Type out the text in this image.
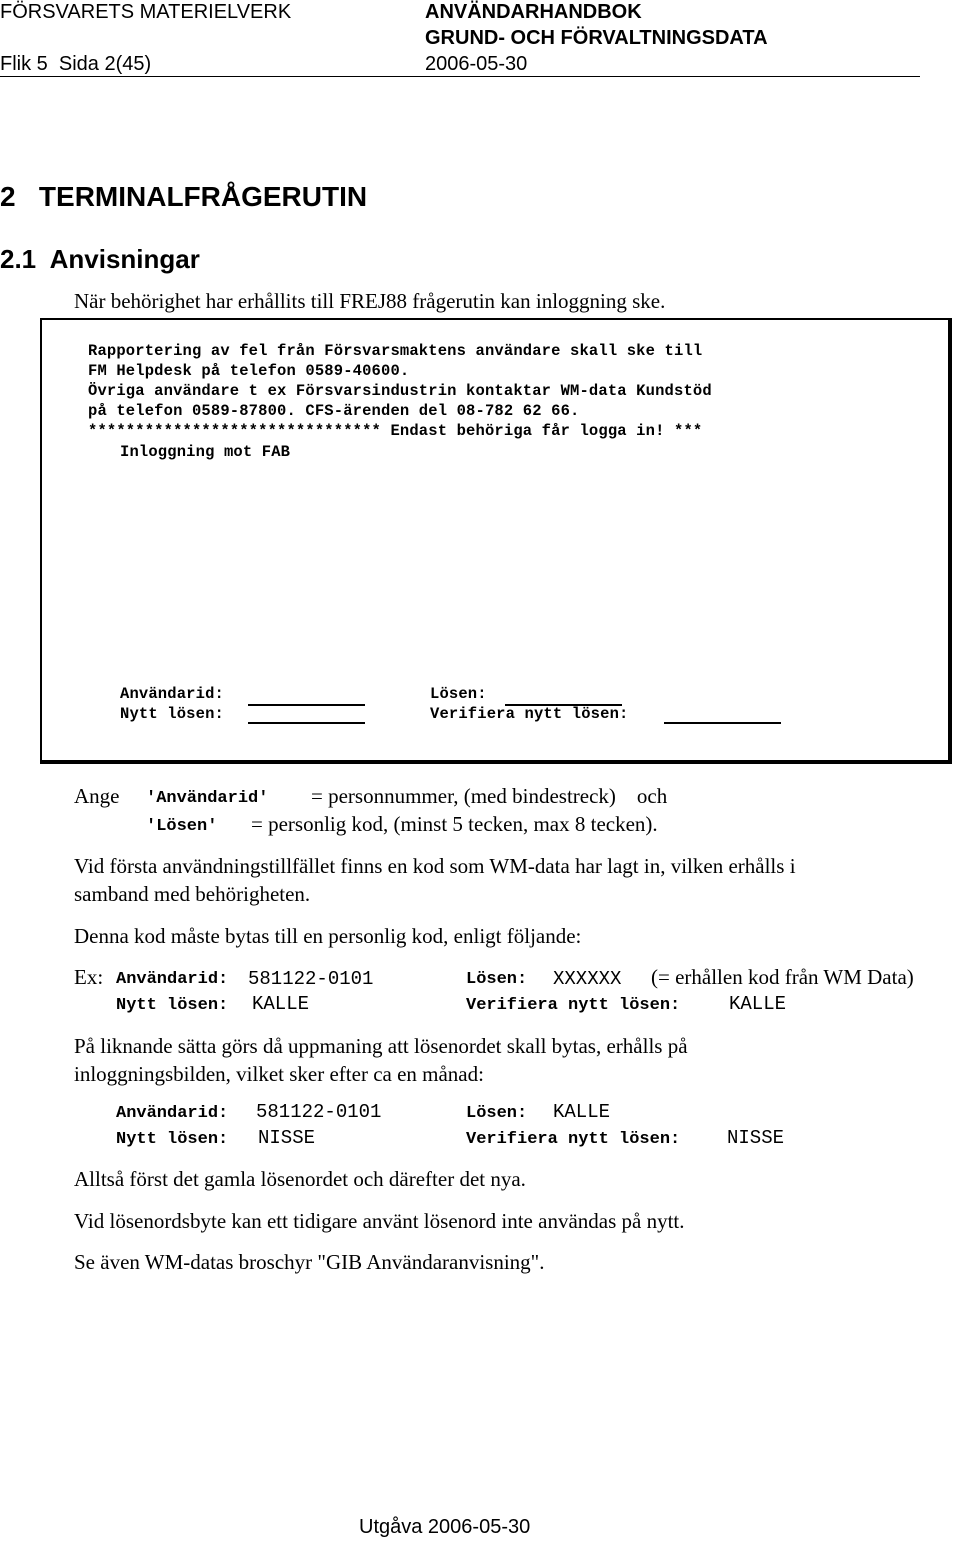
FÖRSVARETS MATERIELVERK	ANVÄNDARHANDBOK
GRUND- OCH FÖRVALTNINGSDATA
Flik 5  Sida 2(45)	2006-05-30
2   TERMINALFRÅGERUTIN
2.1  Anvisningar
När behörighet har erhållits till FREJ88 frågerutin kan inloggning ske.
Rapportering av fel från Försvarsmaktens användare skall ske till
FM Helpdesk på telefon 0589-40600.
Övriga användare t ex Försvarsindustrin kontaktar WM-data Kundstöd
på telefon 0589-87800. CFS-ärenden del 08-782 62 66.
******************************* Endast behöriga får logga in! ***
Inloggning mot FAB
Användarid:	Lösen:
Nytt lösen:	Verifiera nytt lösen:
Ange 'Användarid' = personnummer, (med bindestreck)    och
'Lösen' = personlig kod, (minst 5 tecken, max 8 tecken).
Vid första användningstillfället finns en kod som WM-data har lagt in, vilken erhålls i
samband med behörigheten.
Denna kod måste bytas till en personlig kod, enligt följande:
Ex: Användarid: 581122-0101	Lösen: XXXXXX (= erhållen kod från WM Data)
Nytt lösen: KALLE	Verifiera nytt lösen:	KALLE
På liknande sätta görs då uppmaning att lösenordet skall bytas, erhålls på
inloggningsbilden, vilket sker efter ca en månad:
Användarid: 581122-0101	Lösen: KALLE
Nytt lösen: NISSE	Verifiera nytt lösen: NISSE
Alltså först det gamla lösenordet och därefter det nya.
Vid lösenordsbyte kan ett tidigare använt lösenord inte användas på nytt.
Se även WM-datas broschyr "GIB Användaranvisning".
Utgåva 2006-05-30
